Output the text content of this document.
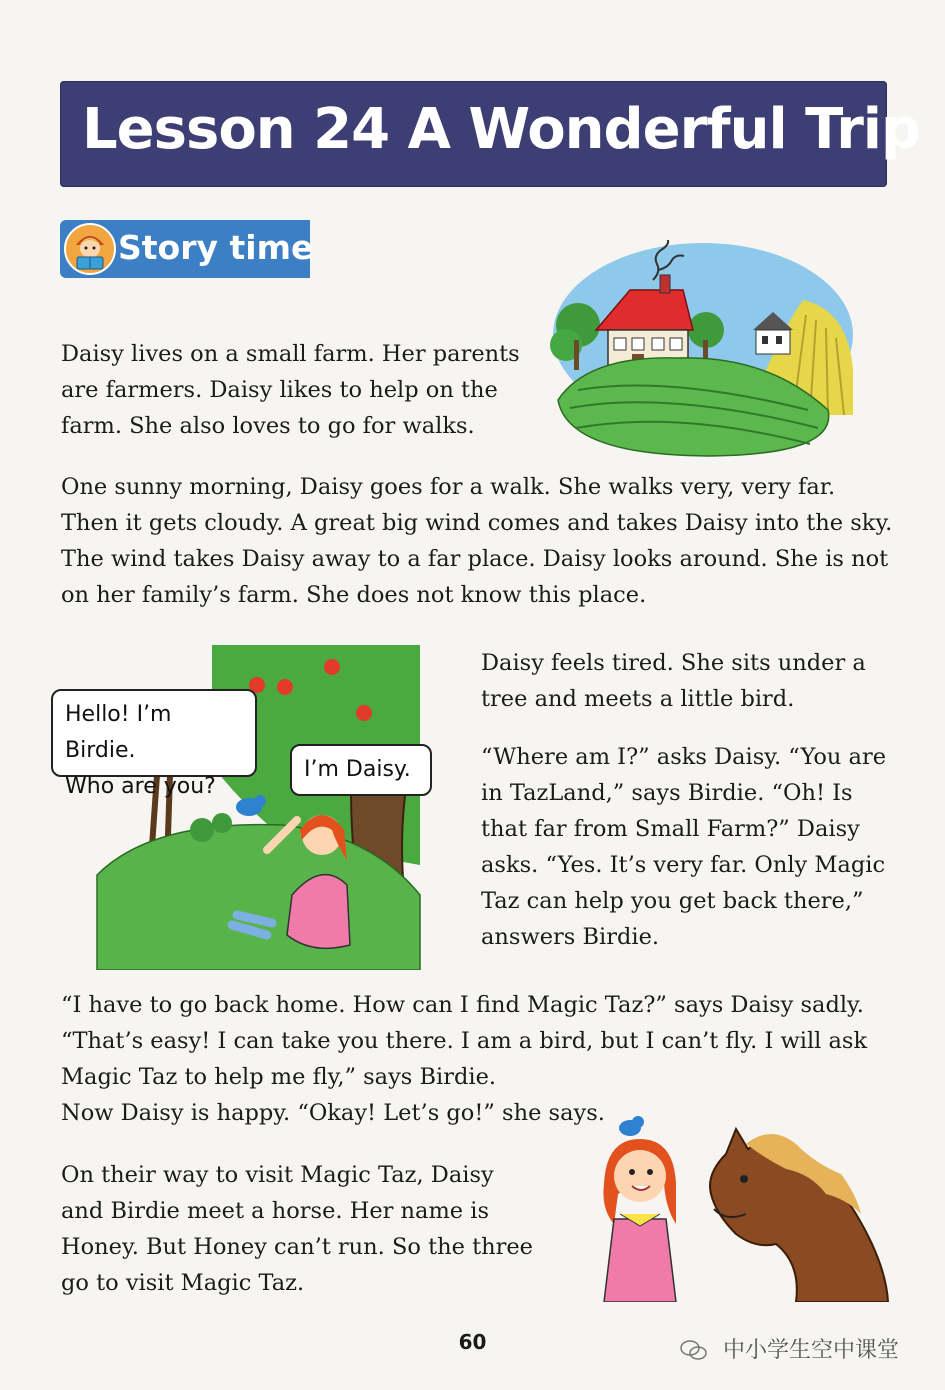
Lesson 24 A Wonderful Trip
Story time

Daisy lives on a small farm. Her parents are farmers. Daisy likes to help on the farm. She also loves to go for walks.

One sunny morning, Daisy goes for a walk. She walks very, very far.
Then it gets cloudy. A great big wind comes and takes Daisy into the sky.
The wind takes Daisy away to a far place. Daisy looks around. She is not
on her family’s farm. She does not know this place.
Hello! I’m Birdie.
Who are you?
I’m Daisy.

Daisy feels tired. She sits under a tree and meets a little bird.

“Where am I?” asks Daisy. “You are in TazLand,” says Birdie. “Oh! Is that far from Small Farm?” Daisy asks. “Yes. It’s very far. Only Magic Taz can help you get back there,” answers Birdie.

“I have to go back home. How can I find Magic Taz?” says Daisy sadly.
“That’s easy! I can take you there. I am a bird, but I can’t fly. I will ask
Magic Taz to help me fly,” says Birdie.
Now Daisy is happy. “Okay! Let’s go!” she says.

On their way to visit Magic Taz, Daisy and Birdie meet a horse. Her name is Honey. But Honey can’t run. So the three go to visit Magic Taz.

60	中小学生空中课堂
